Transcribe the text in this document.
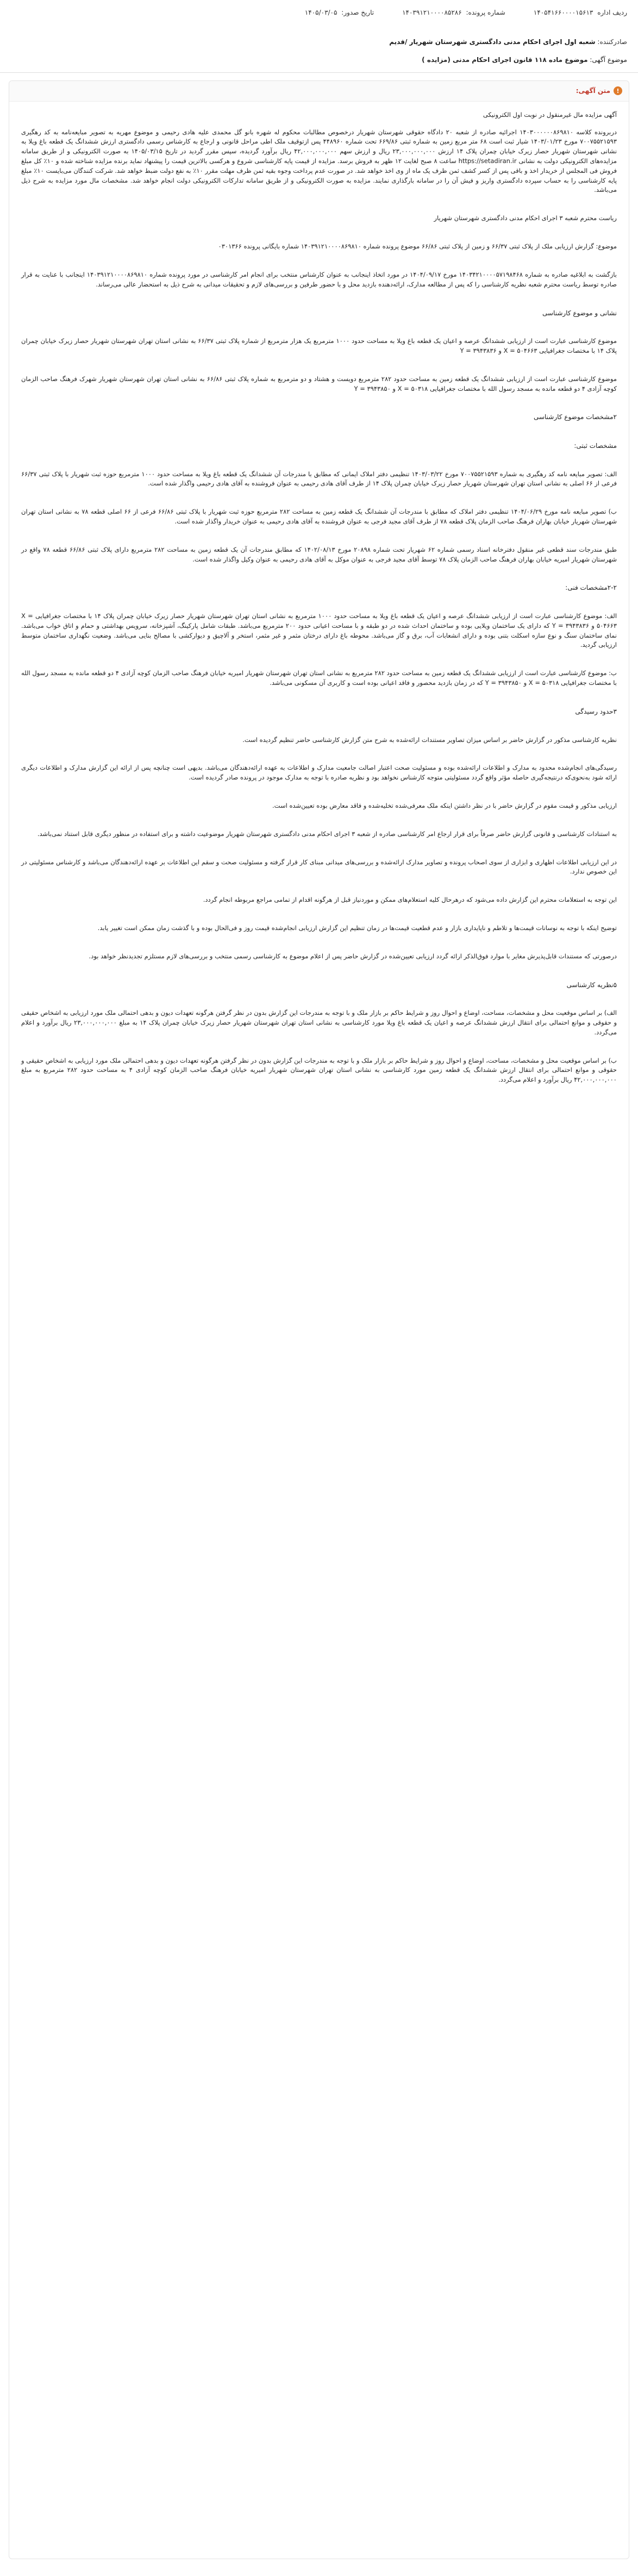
ردیف اداره ۱۴۰۵۴۱۶۶۰۰۰۰۱۵۶۱۳
شماره پرونده: ۱۴۰۳۹۱۲۱۰۰۰۰۸۵۲۸۶
تاریخ صدور: ۱۴۰۵/۰۳/۰۵
صادرکننده: شعبه اول اجرای احکام مدنی دادگستری شهرستان شهریار /قدیم
موضوع آگهی: موضوع ماده ۱۱۸ قانون اجرای احکام مدنی (مزایده )
!
متن آگهی:

آگهی مزایده مال غیرمنقول در نوبت اول الکترونیکی

دربرونده کلاسه ۱۴۰۳۰۰۰۰۰۰۸۶۹۸۱۰ اجرائیه صادره از شعبه ۲۰ دادگاه حقوقی شهرستان شهریار درخصوص مطالبات محکوم له شهره بانو گل محمدی علیه هادی رحیمی و موضوع مهریه به تصویر مبایعه‌نامه به کد رهگیری ۷۰۰۷۵۵۲۱۵۹۳ مورخ ۱۴۰۳/۰۱/۲۳ شیار ثبت است ۶۸ متر مربع زمین به شماره ثبتی ۶۶۹/۸۶ تحت شماره ۴۴۸۹۶۰ پس ازتوقیف ملک اطی مراحل قانونی و ارجاع به کارشناس رسمی دادگستری ارزش ششدانگ یک قطعه باغ ویلا به نشانی شهرستان شهریار حصار زیرک خیابان چمران پلاک ۱۴ ارزش ۲۳,۰۰۰,۰۰۰,۰۰۰ ریال و ارزش سهم ۴۲,۰۰۰,۰۰۰,۰۰۰ ریال برآورد گردیده، سپس مقرر گردید در تاریخ ۱۴۰۵/۰۳/۱۵ به صورت الکترونیکی و از طریق سامانه مزایده‌های الکترونیکی دولت به نشانی https://setadiran.ir ساعت ۸ صبح لغایت ۱۲ ظهر به فروش برسد. مزایده از قیمت پایه کارشناسی شروع و هرکسی بالاترین قیمت را پیشنهاد نماید برنده مزایده شناخته شده و ۱۰٪ کل مبلغ فروش فی المجلس از خریدار اخذ و باقی پس از کسر کشف ثمن ظرف یک ماه از وی اخذ خواهد شد. در صورت عدم پرداخت وجوه بقیه ثمن ظرف مهلت مقرر ۱۰٪ به نفع دولت ضبط خواهد شد. شرکت کنندگان می‌بایست ۱۰٪ مبلغ پایه کارشناسی را به حساب سپرده دادگستری واریز و فیش آن را در سامانه بارگذاری نمایند. مزایده به صورت الکترونیکی و از طریق سامانه تدارکات الکترونیکی دولت انجام خواهد شد. مشخصات مال مورد مزایده به شرح ذیل می‌باشد.

ریاست محترم شعبه ۳ اجرای احکام مدنی دادگستری شهرستان شهریار

موضوع: گزارش ارزیابی ملک از پلاک ثبتی ۶۶/۳۷ و زمین از پلاک ثبتی ۶۶/۸۶ موضوع پرونده شماره ۱۴۰۳۹۱۲۱۰۰۰۰۸۶۹۸۱۰ شماره بایگانی پرونده ۰۳۰۱۳۶۶

بازگشت به ابلاغیه صادره به شماره ۱۴۰۳۴۲۱۰۰۰۰۵۷۱۹۸۴۶۸ مورخ ۱۴۰۴/۰۹/۱۷ در مورد اتخاذ اینجانب به عنوان کارشناس منتخب برای انجام امر کارشناسی در مورد پرونده شماره ۱۴۰۳۹۱۲۱۰۰۰۰۸۶۹۸۱۰ اینجانب با عنایت به قرار صادره توسط ریاست محترم شعبه نظریه کارشناسی را که پس از مطالعه مدارک، ارائه‌دهنده بازدید محل و با حضور طرفین و بررسی‌های لازم و تحقیقات میدانی به شرح ذیل به استحضار عالی می‌رساند.

نشانی و موضوع کارشناسی

موضوع کارشناسی عبارت است از ارزیابی ششدانگ عرصه و اعیان یک قطعه باغ ویلا به مساحت حدود ۱۰۰۰ مترمربع یک هزار مترمربع از شماره پلاک ثبتی ۶۶/۳۷ به نشانی استان تهران شهرستان شهریار حصار زیرک خیابان چمران پلاک ۱۴ با مختصات جغرافیایی X = ۵۰۴۶۶۳ و Y = ۳۹۴۳۸۳۶

موضوع کارشناسی عبارت است از ارزیابی ششدانگ یک قطعه زمین به مساحت حدود ۲۸۲ مترمربع دویست و هشتاد و دو مترمربع به شماره پلاک ثبتی ۶۶/۸۶ به نشانی استان تهران شهرستان شهریار شهرک فرهنگ صاحب الزمان کوچه آزادی ۴ دو قطعه مانده به مسجد رسول الله با مختصات جغرافیایی X = ۵۰۳۱۸ و Y = ۳۹۴۳۸۵۰

۲مشخصات موضوع کارشناسی
مشخصات ثبتی:

الف: تصویر مبایعه نامه کد رهگیری به شماره ۷۰۰۷۵۵۲۱۵۹۳ مورخ ۱۴۰۳/۰۳/۲۲ تنظیمی دفتر املاک ایمانی که مطابق با مندرجات آن ششدانگ یک قطعه باغ ویلا به مساحت حدود ۱۰۰۰ مترمربع حوزه ثبت شهریار با پلاک ثبتی ۶۶/۳۷ فرعی از ۶۶ اصلی به نشانی استان تهران شهرستان شهریار حصار زیرک خیابان چمران پلاک ۱۴ از طرف آقای هادی رحیمی به عنوان فروشنده به آقای هادی رحیمی واگذار شده است.

ب) تصویر مبایعه نامه مورخ ۱۴۰۴/۰۶/۲۹ تنظیمی دفتر املاک که مطابق با مندرجات آن ششدانگ یک قطعه زمین به مساحت ۲۸۲ مترمربع حوزه ثبت شهریار با پلاک ثبتی ۶۶/۸۶ فرعی از ۶۶ اصلی قطعه ۷۸ به نشانی استان تهران شهرستان شهریار خیابان بهاران فرهنگ صاحب الزمان پلاک قطعه ۷۸ از طرف آقای مجید فرجی به عنوان فروشنده به آقای هادی رحیمی به عنوان خریدار واگذار شده است.

طبق مندرجات سند قطعی غیر منقول دفترخانه اسناد رسمی شماره ۶۲ شهریار تحت شماره ۲۰۸۹۸ مورخ ۱۴۰۲/۰۸/۱۳ که مطابق مندرجات آن یک قطعه زمین به مساحت ۲۸۲ مترمربع دارای پلاک ثبتی ۶۶/۸۶ قطعه ۷۸ واقع در شهرستان شهریار امیریه خیابان بهاران فرهنگ صاحب الزمان پلاک ۷۸ توسط آقای مجید فرجی به عنوان موکل به آقای هادی رحیمی به عنوان وکیل واگذار شده است.

۲-۲مشخصات فنی:

الف: موضوع کارشناسی عبارت است از ارزیابی ششدانگ عرصه و اعیان یک قطعه باغ ویلا به مساحت حدود ۱۰۰۰ مترمربع به نشانی استان تهران شهرستان شهریار حصار زیرک خیابان چمران پلاک ۱۴ با مختصات جغرافیایی X = ۵۰۴۶۶۳ و Y = ۳۹۴۳۸۳۶ که دارای یک ساختمان ویلایی بوده و ساختمان احداث شده در دو طبقه و با مساحت اعیانی حدود ۲۰۰ مترمربع می‌باشد. طبقات شامل پارکینگ، آشپزخانه، سرویس بهداشتی و حمام و اتاق خواب می‌باشد. نمای ساختمان سنگ و نوع سازه اسکلت بتنی بوده و دارای انشعابات آب، برق و گاز می‌باشد. محوطه باغ دارای درختان مثمر و غیر مثمر، استخر و آلاچیق و دیوارکشی با مصالح بنایی می‌باشد. وضعیت نگهداری ساختمان متوسط ارزیابی گردید.

ب: موضوع کارشناسی عبارت است از ارزیابی ششدانگ یک قطعه زمین به مساحت حدود ۲۸۲ مترمربع به نشانی استان تهران شهرستان شهریار امیریه خیابان فرهنگ صاحب الزمان کوچه آزادی ۴ دو قطعه مانده به مسجد رسول الله با مختصات جغرافیایی X = ۵۰۳۱۸ و Y = ۳۹۴۳۸۵۰ که در زمان بازدید محصور و فاقد اعیانی بوده است و کاربری آن مسکونی می‌باشد.

۳حدود رسیدگی

نظریه کارشناسی مذکور در گزارش حاضر بر اساس میزان تصاویر مستندات ارائه‌شده به شرح متن گزارش کارشناسی حاضر تنظیم گردیده است.

رسیدگی‌های انجام‌شده محدود به مدارک و اطلاعات ارائه‌شده بوده و مسئولیت صحت اعتبار اصالت جامعیت مدارک و اطلاعات به عهده ارائه‌دهندگان می‌باشد. بدیهی است چنانچه پس از ارائه این گزارش مدارک و اطلاعات دیگری ارائه شود به‌نحوی‌که درنتیجه‌گیری حاصله مؤثر واقع گردد مسئولیتی متوجه کارشناس نخواهد بود و نظریه صادره با توجه به مدارک موجود در پرونده صادر گردیده است.

ارزیابی مذکور و قیمت مقوم در گزارش حاضر با در نظر داشتن اینکه ملک معرفی‌شده تخلیه‌شده و فاقد معارض بوده تعیین‌شده است.

به استنادات کارشناسی و قانونی گزارش حاضر صرفاً برای قرار ارجاع امر کارشناسی صادره از شعبه ۳ اجرای احکام مدنی دادگستری شهرستان شهریار موضوعیت داشته و برای استفاده در منظور دیگری قابل استناد نمی‌باشد.

در این ارزیابی اطلاعات اظهاری و ابزاری از سوی اصحاب پرونده و تصاویر مدارک ارائه‌شده و بررسی‌های میدانی مبنای کار قرار گرفته و مسئولیت صحت و سقم این اطلاعات بر عهده ارائه‌دهندگان می‌باشد و کارشناس مسئولیتی در این خصوص ندارد.

این توجه به استعلامات محترم این گزارش داده می‌شود که درهرحال کلیه استعلام‌های ممکن و موردنیاز قبل از هرگونه اقدام از تمامی مراجع مربوطه انجام گردد.

توضیح اینکه با توجه به نوسانات قیمت‌ها و تلاطم و ناپایداری بازار و عدم قطعیت قیمت‌ها در زمان تنظیم این گزارش ارزیابی انجام‌شده قیمت روز و فی‌الحال بوده و با گذشت زمان ممکن است تغییر یابد.

درصورتی که مستندات قابل‌پذیرش مغایر با موارد فوق‌الذکر ارائه گردد ارزیابی تعیین‌شده در گزارش حاضر پس از اعلام موضوع به کارشناسی رسمی منتخب و بررسی‌های لازم مستلزم تجدیدنظر خواهد بود.

۵نظریه کارشناسی

الف) بر اساس موقعیت محل و مشخصات، مساحت، اوضاع و احوال روز و شرایط حاکم بر بازار ملک و با توجه به مندرجات این گزارش بدون در نظر گرفتن هرگونه تعهدات دیون و بدهی احتمالی ملک مورد ارزیابی به اشخاص حقیقی و حقوقی و موانع احتمالی برای انتقال ارزش ششدانگ عرصه و اعیان یک قطعه باغ ویلا مورد کارشناسی به نشانی استان تهران شهرستان شهریار حصار زیرک خیابان چمران پلاک ۱۴ به مبلغ ۲۳,۰۰۰,۰۰۰,۰۰۰ ریال برآورد و اعلام می‌گردد.

ب) بر اساس موقعیت محل و مشخصات، مساحت، اوضاع و احوال روز و شرایط حاکم بر بازار ملک و با توجه به مندرجات این گزارش بدون در نظر گرفتن هرگونه تعهدات دیون و بدهی احتمالی ملک مورد ارزیابی به اشخاص حقیقی و حقوقی و موانع احتمالی برای انتقال ارزش ششدانگ یک قطعه زمین مورد کارشناسی به نشانی استان تهران شهرستان شهریار امیریه خیابان فرهنگ صاحب الزمان کوچه آزادی ۴ به مساحت حدود ۲۸۲ مترمربع به مبلغ ۴۲,۰۰۰,۰۰۰,۰۰۰ ریال برآورد و اعلام می‌گردد.
